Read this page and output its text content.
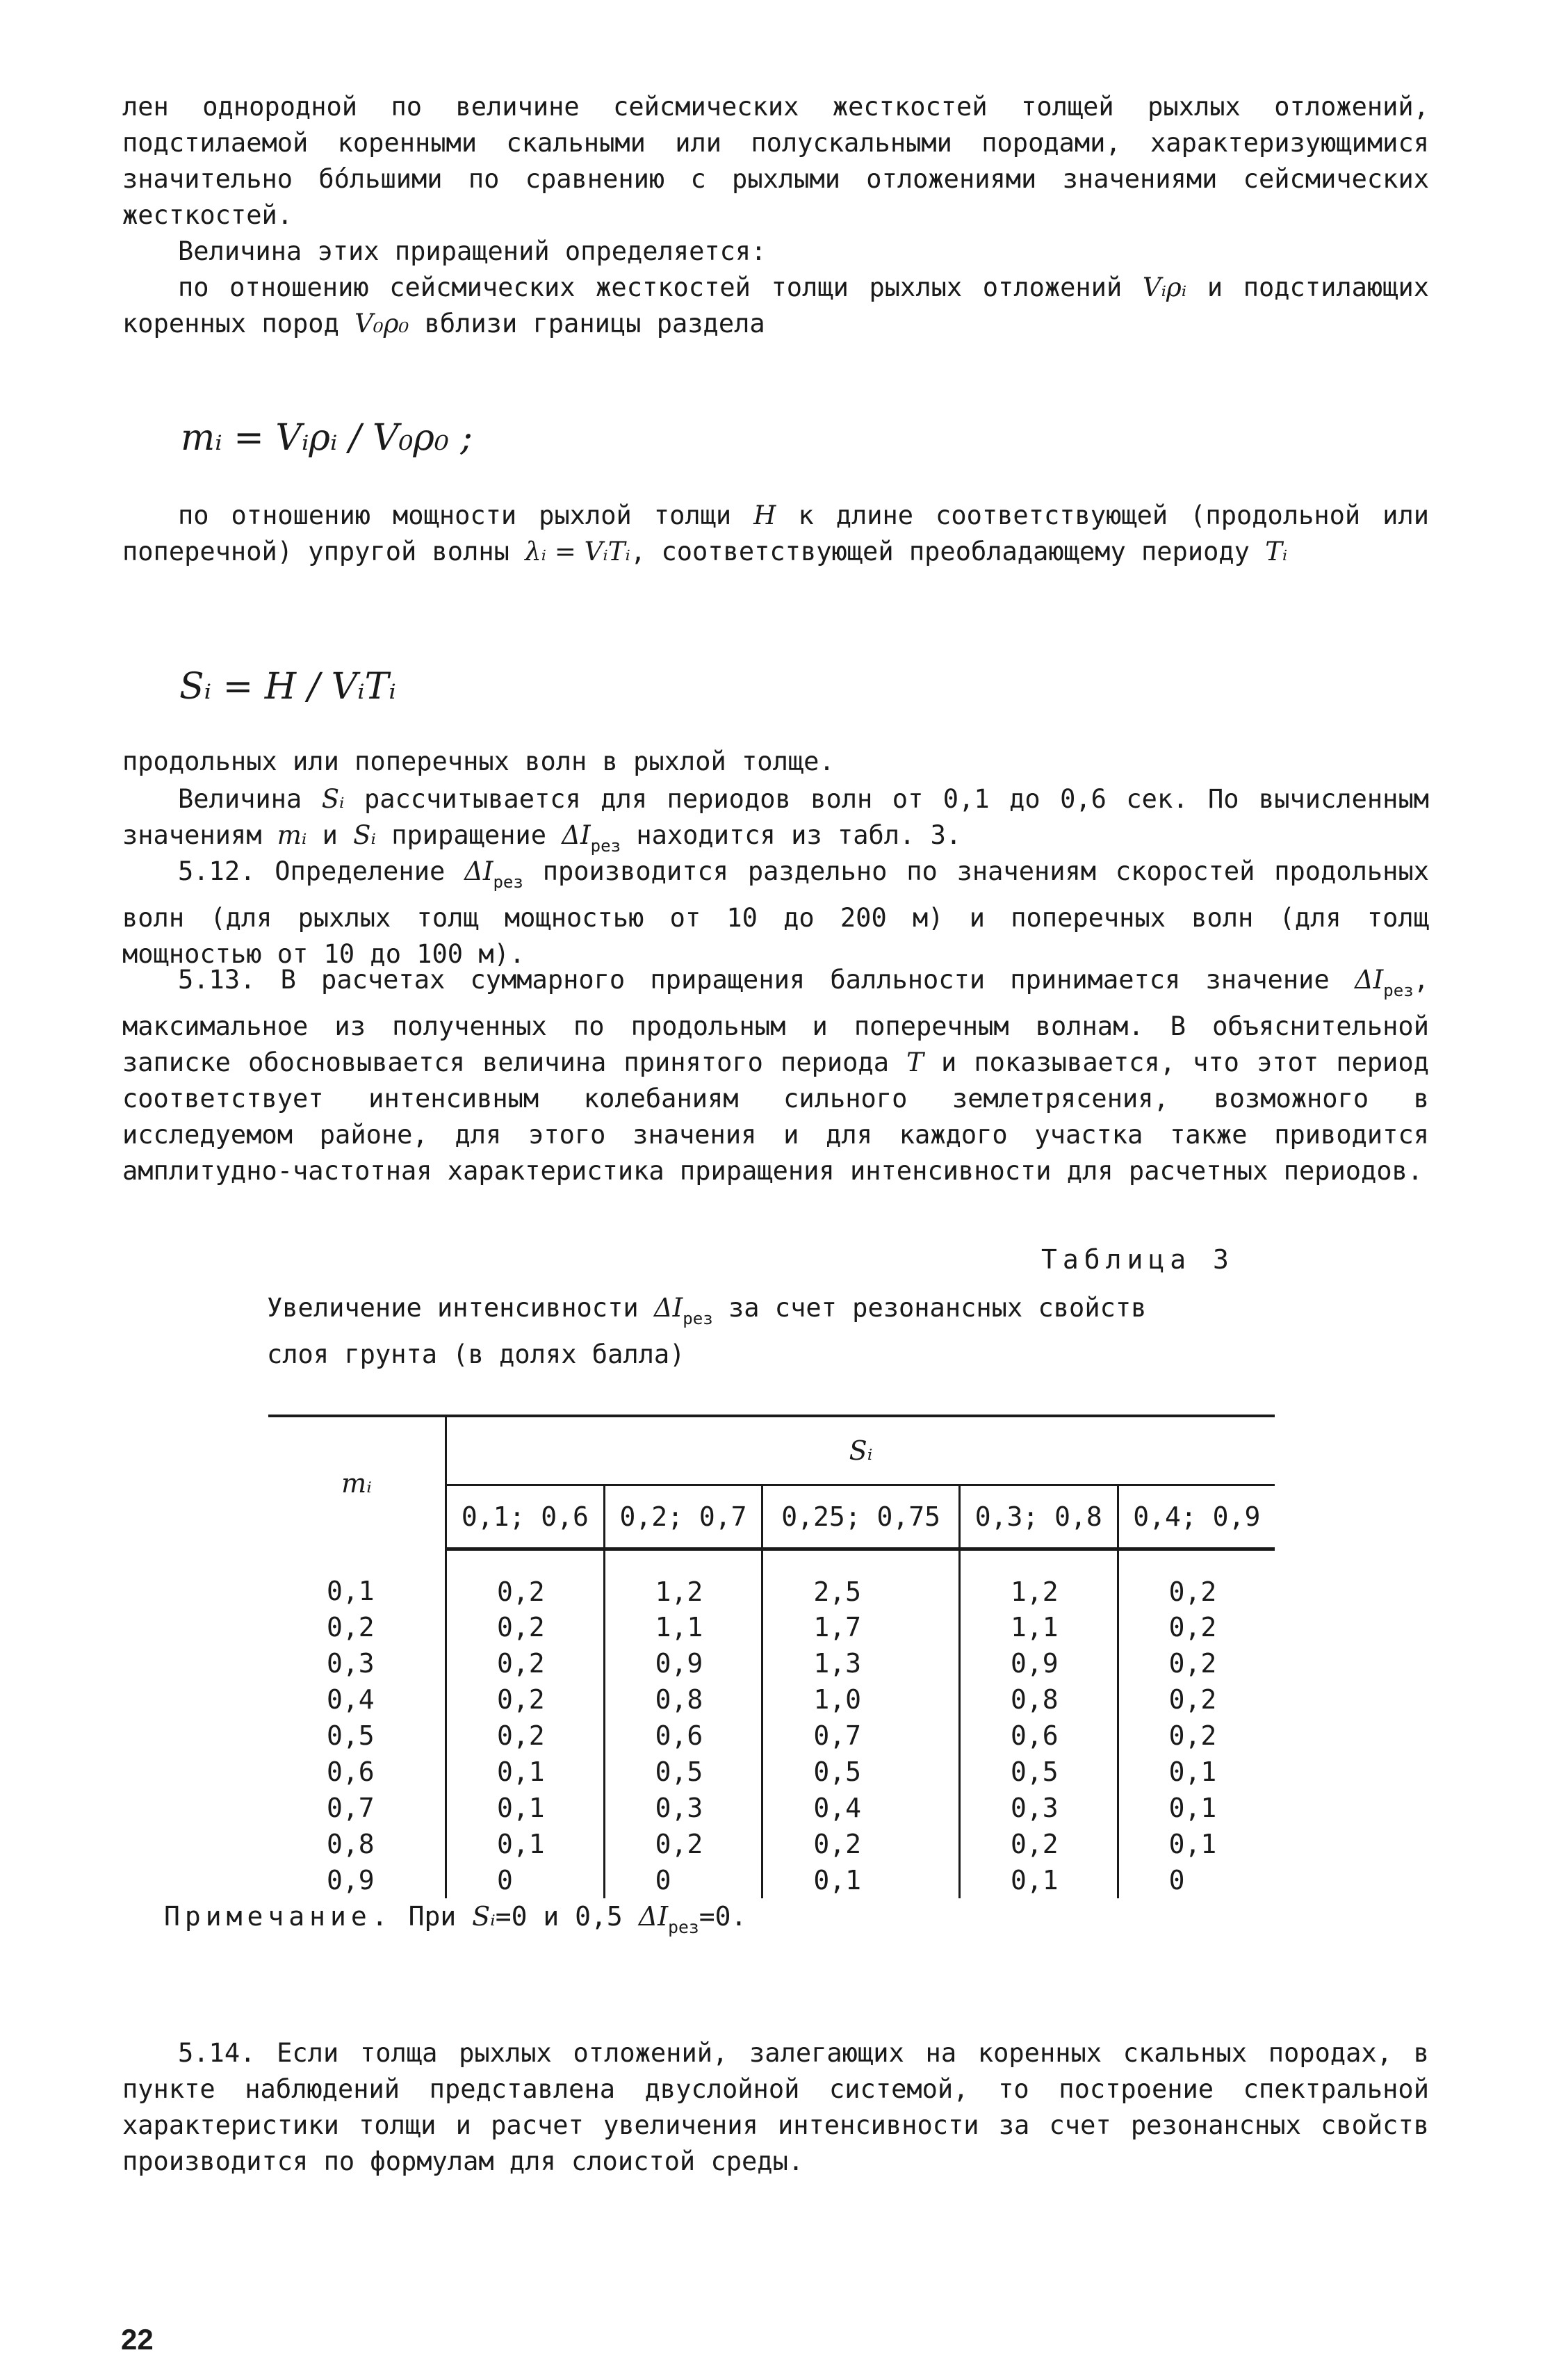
лен однородной по величине сейсмических жесткостей толщей рыхлых отложений, подстилаемой коренными скальными или полускальными породами, характеризующимися значительно бо́льшими по сравнению с рыхлыми отложениями значениями сейсмических жесткостей.
Величина этих приращений определяется:
по отношению сейсмических жесткостей толщи рыхлых отложений Vᵢρᵢ и подстилающих коренных пород V₀ρ₀ вблизи границы раздела
mᵢ = Vᵢρᵢ / V₀ρ₀ ;
по отношению мощности рыхлой толщи H к длине соответствующей (продольной или поперечной) упругой волны λᵢ = VᵢTᵢ, соответствующей преобладающему периоду Tᵢ
Sᵢ = H / VᵢTᵢ
продольных или поперечных волн в рыхлой толще.
Величина Sᵢ рассчитывается для периодов волн от 0,1 до 0,6 сек. По вычисленным значениям mᵢ и Sᵢ приращение $\Delta I_{рез}$ находится из табл. 3.
5.12. Определение $\Delta I_{рез}$ производится раздельно по значениям скоростей продольных волн (для рыхлых толщ мощностью от 10 до 200 м) и поперечных волн (для толщ мощностью от 10 до 100 м).
5.13. В расчетах суммарного приращения балльности принимается значение $\Delta I_{рез}$, максимальное из полученных по продольным и поперечным волнам. В объяснительной записке обосновывается величина принятого периода T и показывается, что этот период соответствует интенсивным колебаниям сильного землетрясения, возможного в исследуемом районе, для этого значения и для каждого участка также приводится амплитудно-частотная характеристика приращения интенсивности для расчетных периодов.
Таблица 3
Увеличение интенсивности $\Delta I_{рез}$ за счет резонансных свойств слоя грунта (в долях балла)
mᵢ	Sᵢ				
	0,1; 0,6	0,2; 0,7	0,25; 0,75	0,3; 0,8	0,4; 0,9
0,1	0,2	1,2	2,5	1,2	0,2
0,2	0,2	1,1	1,7	1,1	0,2
0,3	0,2	0,9	1,3	0,9	0,2
0,4	0,2	0,8	1,0	0,8	0,2
0,5	0,2	0,6	0,7	0,6	0,2
0,6	0,1	0,5	0,5	0,5	0,1
0,7	0,1	0,3	0,4	0,3	0,1
0,8	0,1	0,2	0,2	0,2	0,1
0,9	0	0	0,1	0,1	0
Примечание. При Sᵢ=0 и 0,5 $\Delta I_{рез}=0$.
5.14. Если толща рыхлых отложений, залегающих на коренных скальных породах, в пункте наблюдений представлена двуслойной системой, то построение спектральной характеристики толщи и расчет увеличения интенсивности за счет резонансных свойств производится по формулам для слоистой среды.
22
